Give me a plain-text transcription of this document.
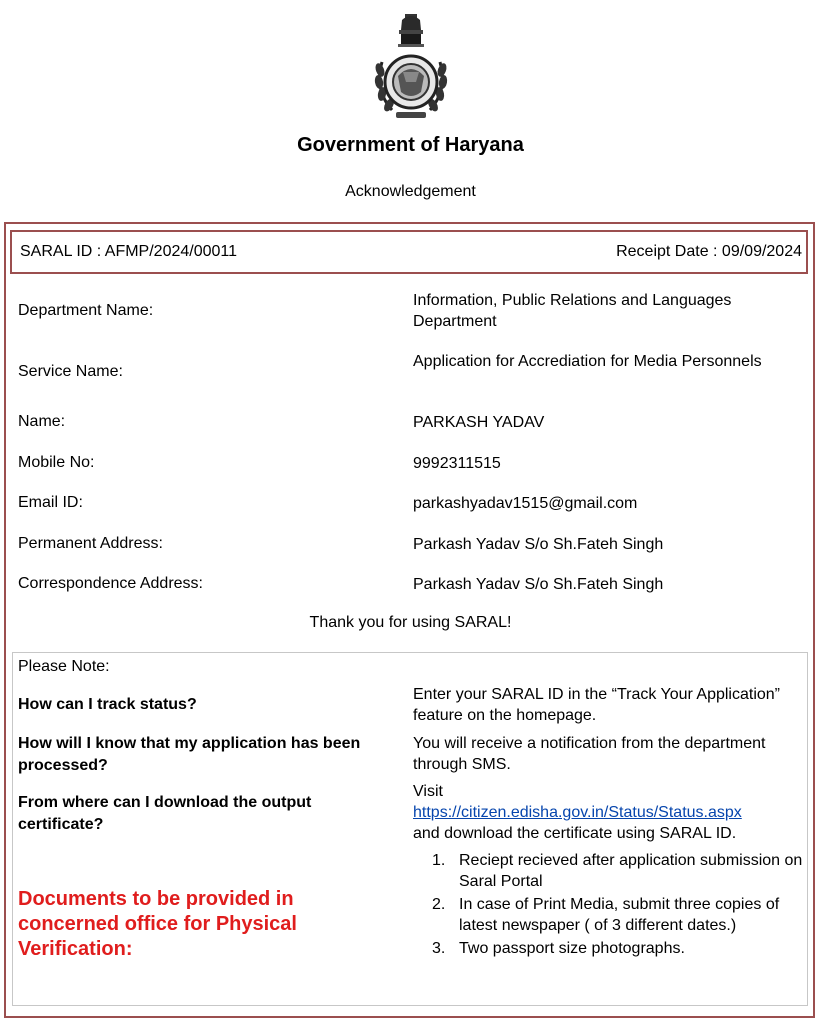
Government of Haryana
Acknowledgement
SARAL ID : AFMP/2024/00011	Receipt Date : 09/09/2024
Department Name:
Information, Public Relations and Languages Department
Service Name:
Application for Accrediation for Media Personnels
Name:	PARKASH YADAV
Mobile No:	9992311515
Email ID:	parkashyadav1515@gmail.com
Permanent Address:	Parkash Yadav S/o Sh.Fateh Singh
Correspondence Address:	Parkash Yadav S/o Sh.Fateh Singh
Thank you for using SARAL!
Please Note:
How can I track status?
Enter your SARAL ID in the “Track Your Application” feature on the homepage.
How will I know that my application has been processed?
You will receive a notification from the department through SMS.
From where can I download the output certificate?
Visit
https://citizen.edisha.gov.in/Status/Status.aspx
and download the certificate using SARAL ID.
Documents to be provided in concerned office for Physical Verification:
1. Reciept recieved after application submission on Saral Portal
2. In case of Print Media, submit three copies of latest newspaper ( of 3 different dates.)
3. Two passport size photographs.
